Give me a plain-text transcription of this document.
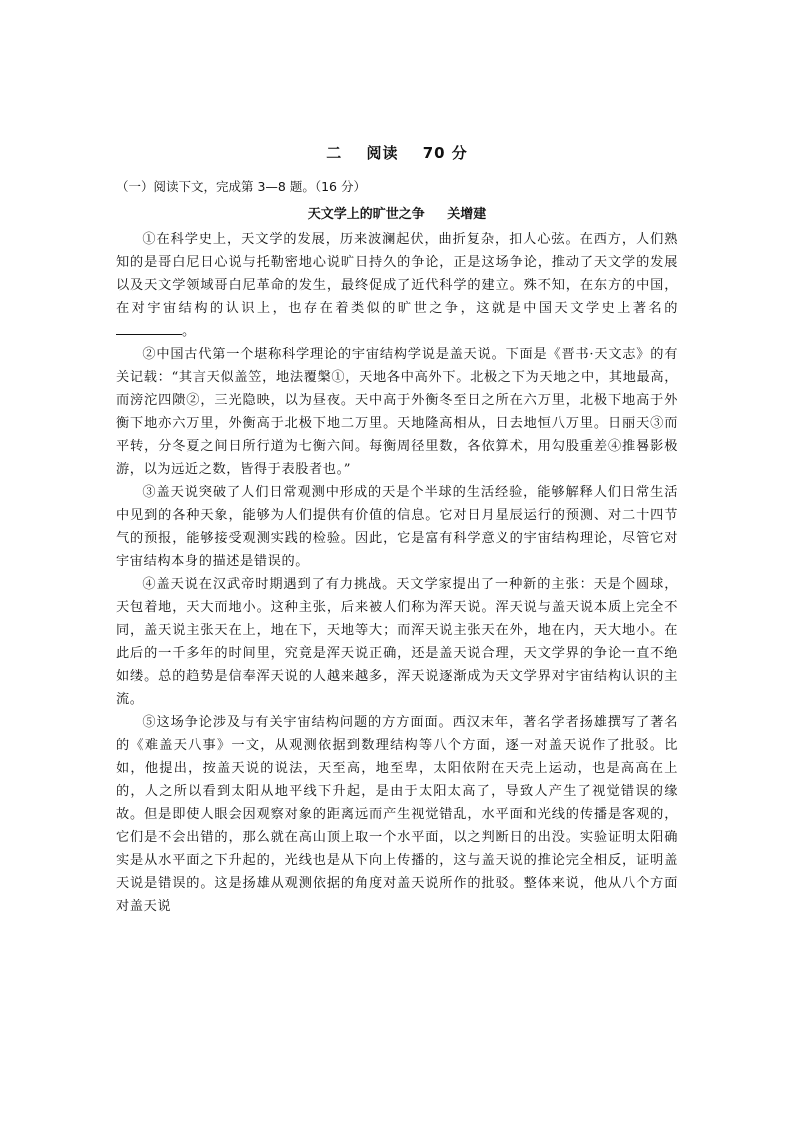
二 阅读 70 分
（一）阅读下文，完成第 3—8 题。（16 分）
天文学上的旷世之争 关增建

①在科学史上，天文学的发展，历来波澜起伏，曲折复杂，扣人心弦。在西方，人们熟知的是哥白尼日心说与托勒密地心说旷日持久的争论，正是这场争论，推动了天文学的发展以及天文学领域哥白尼革命的发生，最终促成了近代科学的建立。殊不知，在东方的中国，在对宇宙结构的认识上，也存在着类似的旷世之争，这就是中国天文学史上著名的。

②中国古代第一个堪称科学理论的宇宙结构学说是盖天说。下面是《晋书·天文志》的有关记载：“其言天似盖笠，地法覆槃①，天地各中高外下。北极之下为天地之中，其地最高，而滂沱四𬯎②，三光隐映，以为昼夜。天中高于外衡冬至日之所在六万里，北极下地高于外衡下地亦六万里，外衡高于北极下地二万里。天地隆高相从，日去地恒八万里。日丽天③而平转，分冬夏之间日所行道为七衡六间。每衡周径里数，各依算术，用勾股重差④推晷影极游，以为远近之数，皆得于表股者也。”

③盖天说突破了人们日常观测中形成的天是个半球的生活经验，能够解释人们日常生活中见到的各种天象，能够为人们提供有价值的信息。它对日月星辰运行的预测、对二十四节气的预报，能够接受观测实践的检验。因此，它是富有科学意义的宇宙结构理论，尽管它对宇宙结构本身的描述是错误的。

④盖天说在汉武帝时期遇到了有力挑战。天文学家提出了一种新的主张：天是个圆球，天包着地，天大而地小。这种主张，后来被人们称为浑天说。浑天说与盖天说本质上完全不同，盖天说主张天在上，地在下，天地等大；而浑天说主张天在外，地在内，天大地小。在此后的一千多年的时间里，究竟是浑天说正确，还是盖天说合理，天文学界的争论一直不绝如缕。总的趋势是信奉浑天说的人越来越多，浑天说逐渐成为天文学界对宇宙结构认识的主流。

⑤这场争论涉及与有关宇宙结构问题的方方面面。西汉末年，著名学者扬雄撰写了著名的《难盖天八事》一文，从观测依据到数理结构等八个方面，逐一对盖天说作了批驳。比如，他提出，按盖天说的说法，天至高，地至卑，太阳依附在天壳上运动，也是高高在上的，人之所以看到太阳从地平线下升起，是由于太阳太高了，导致人产生了视觉错误的缘故。但是即使人眼会因观察对象的距离远而产生视觉错乱，水平面和光线的传播是客观的，它们是不会出错的，那么就在高山顶上取一个水平面，以之判断日的出没。实验证明太阳确实是从水平面之下升起的，光线也是从下向上传播的，这与盖天说的推论完全相反，证明盖天说是错误的。这是扬雄从观测依据的角度对盖天说所作的批驳。整体来说，他从八个方面对盖天说
